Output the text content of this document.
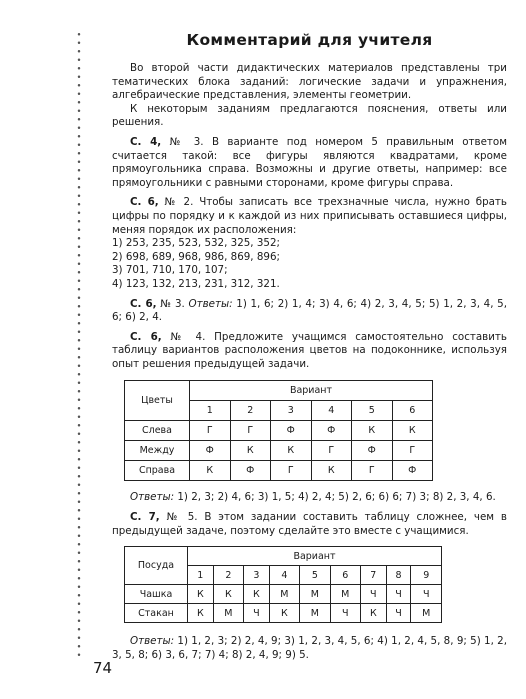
Комментарий для учителя

Во второй части дидактических материалов представлены три тематических блока заданий: логические задачи и упражнения, алгебраические представления, элементы геометрии.

К некоторым заданиям предлагаются пояснения, ответы или решения.

С. 4, № 3. В варианте под номером 5 правильным ответом считается такой: все фигуры являются квадратами, кроме прямоугольника справа. Возможны и другие ответы, например: все прямоугольники с равными сторонами, кроме фигуры справа.

С. 6, № 2. Чтобы записать все трехзначные числа, нужно брать цифры по порядку и к каждой из них приписывать оставшиеся цифры, меняя порядок их расположения:

1) 253, 235, 523, 532, 325, 352;
2) 698, 689, 968, 986, 869, 896;
3) 701, 710, 170, 107;
4) 123, 132, 213, 231, 312, 321.

С. 6, № 3. Ответы: 1) 1, 6; 2) 1, 4; 3) 4, 6; 4) 2, 3, 4, 5; 5) 1, 2, 3, 4, 5, 6; 6) 2, 4.

С. 6, № 4. Предложите учащимся самостоятельно составить таблицу вариантов расположения цветов на подоконнике, используя опыт решения предыдущей задачи.

Цветы	Вариант					
	1	2	3	4	5	6
Слева	Г	Г	Ф	Ф	К	К
Между	Ф	К	К	Г	Ф	Г
Справа	К	Ф	Г	К	Г	Ф

Ответы: 1) 2, 3; 2) 4, 6; 3) 1, 5; 4) 2, 4; 5) 2, 6; 6) 6; 7) 3; 8) 2, 3, 4, 6.

С. 7, № 5. В этом задании составить таблицу сложнее, чем в предыдущей задаче, поэтому сделайте это вместе с учащимися.

Посуда	Вариант								
	1	2	3	4	5	6	7	8	9
Чашка	К	К	К	М	М	М	Ч	Ч	Ч
Стакан	К	М	Ч	К	М	Ч	К	Ч	М

Ответы: 1) 1, 2, 3; 2) 2, 4, 9; 3) 1, 2, 3, 4, 5, 6; 4) 1, 2, 4, 5, 8, 9; 5) 1, 2, 3, 5, 8; 6) 3, 6, 7; 7) 4; 8) 2, 4, 9; 9) 5.

74
